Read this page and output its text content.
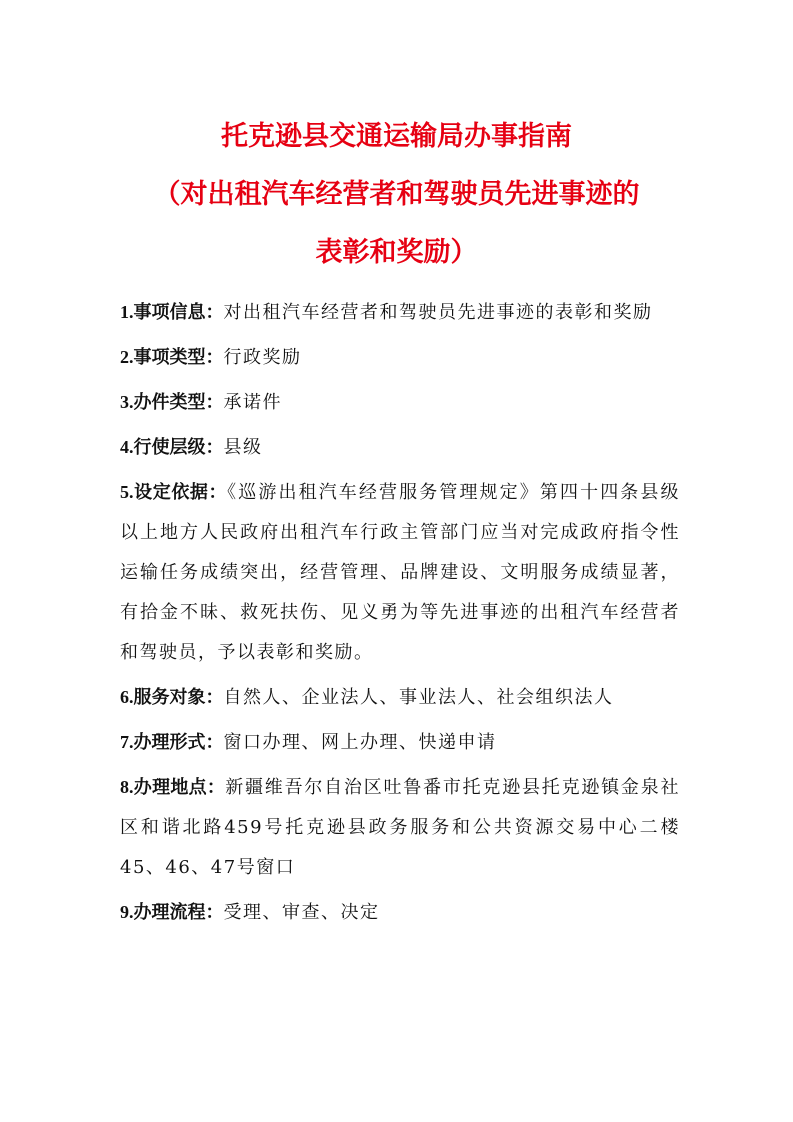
托克逊县交通运输局办事指南
（对出租汽车经营者和驾驶员先进事迹的
表彰和奖励）
1.事项信息：对出租汽车经营者和驾驶员先进事迹的表彰和奖励
2.事项类型：行政奖励
3.办件类型：承诺件
4.行使层级：县级
5.设定依据：《巡游出租汽车经营服务管理规定》第四十四条县级以上地方人民政府出租汽车行政主管部门应当对完成政府指令性运输任务成绩突出，经营管理、品牌建设、文明服务成绩显著，有拾金不昧、救死扶伤、见义勇为等先进事迹的出租汽车经营者和驾驶员，予以表彰和奖励。
6.服务对象：自然人、企业法人、事业法人、社会组织法人
7.办理形式：窗口办理、网上办理、快递申请
8.办理地点：新疆维吾尔自治区吐鲁番市托克逊县托克逊镇金泉社区和谐北路459号托克逊县政务服务和公共资源交易中心二楼45、46、47号窗口
9.办理流程：受理、审查、决定
